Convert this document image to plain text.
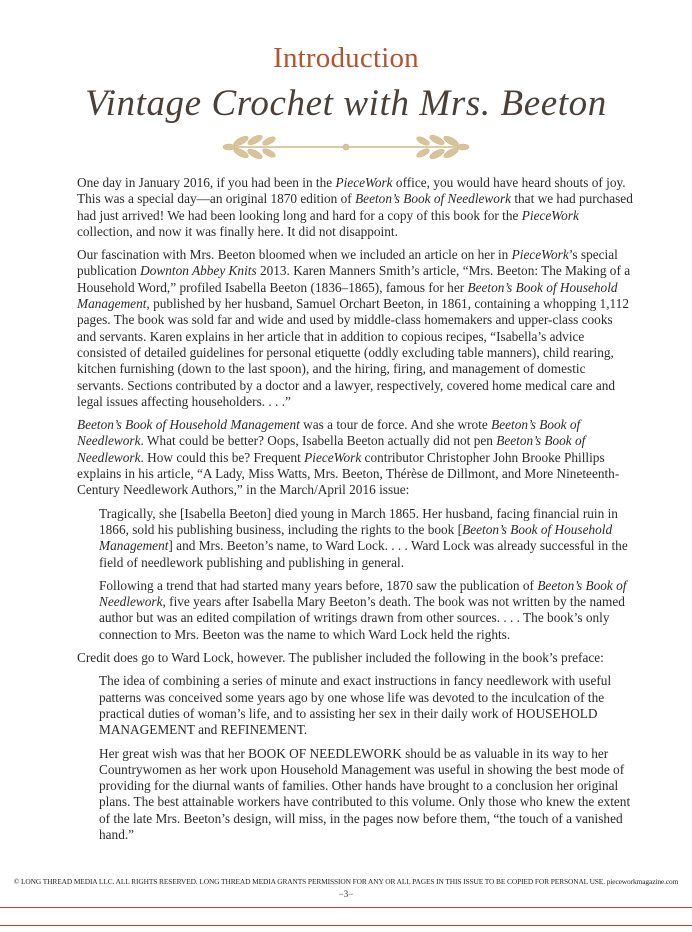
Introduction
Vintage Crochet with Mrs. Beeton

One day in January 2016, if you had been in the PieceWork office, you would have heard shouts of joy. This was a special day—an original 1870 edition of Beeton’s Book of Needlework that we had purchased had just arrived! We had been looking long and hard for a copy of this book for the PieceWork collection, and now it was finally here. It did not disappoint.

Our fascination with Mrs. Beeton bloomed when we included an article on her in PieceWork’s special publication Downton Abbey Knits 2013. Karen Manners Smith’s article, “Mrs. Beeton: The Making of a Household Word,” profiled Isabella Beeton (1836–1865), famous for her Beeton’s Book of Household Management, published by her husband, Samuel Orchart Beeton, in 1861, containing a whopping 1,112 pages. The book was sold far and wide and used by middle-class homemakers and upper-class cooks and servants. Karen explains in her article that in addition to copious recipes, “Isabella’s advice consisted of detailed guidelines for personal etiquette (oddly excluding table manners), child rearing, kitchen furnishing (down to the last spoon), and the hiring, firing, and management of domestic servants. Sections contributed by a doctor and a lawyer, respectively, covered home medical care and legal issues affecting householders. . . .”

Beeton’s Book of Household Management was a tour de force. And she wrote Beeton’s Book of Needlework. What could be better? Oops, Isabella Beeton actually did not pen Beeton’s Book of Needlework. How could this be? Frequent PieceWork contributor Christopher John Brooke Phillips explains in his article, “A Lady, Miss Watts, Mrs. Beeton, Thérèse de Dillmont, and More Nineteenth-Century Needlework Authors,” in the March/April 2016 issue:

Tragically, she [Isabella Beeton] died young in March 1865. Her husband, facing financial ruin in 1866, sold his publishing business, including the rights to the book [Beeton’s Book of Household Management] and Mrs. Beeton’s name, to Ward Lock. . . . Ward Lock was already successful in the field of needlework publishing and publishing in general.

Following a trend that had started many years before, 1870 saw the publication of Beeton’s Book of Needlework, five years after Isabella Mary Beeton’s death. The book was not written by the named author but was an edited compilation of writings drawn from other sources. . . . The book’s only connection to Mrs. Beeton was the name to which Ward Lock held the rights.

Credit does go to Ward Lock, however. The publisher included the following in the book’s preface:

The idea of combining a series of minute and exact instructions in fancy needlework with useful patterns was conceived some years ago by one whose life was devoted to the inculcation of the practical duties of woman’s life, and to assisting her sex in their daily work of HOUSEHOLD MANAGEMENT and REFINEMENT.

Her great wish was that her BOOK OF NEEDLEWORK should be as valuable in its way to her Countrywomen as her work upon Household Management was useful in showing the best mode of providing for the diurnal wants of families. Other hands have brought to a conclusion her original plans. The best attainable workers have contributed to this volume. Only those who knew the extent of the late Mrs. Beeton’s design, will miss, in the pages now before them, “the touch of a vanished hand.”

© LONG THREAD MEDIA LLC. ALL RIGHTS RESERVED. LONG THREAD MEDIA GRANTS PERMISSION FOR ANY OR ALL PAGES IN THIS ISSUE TO BE COPIED FOR PERSONAL USE. pieceworkmagazine.com
−3−
